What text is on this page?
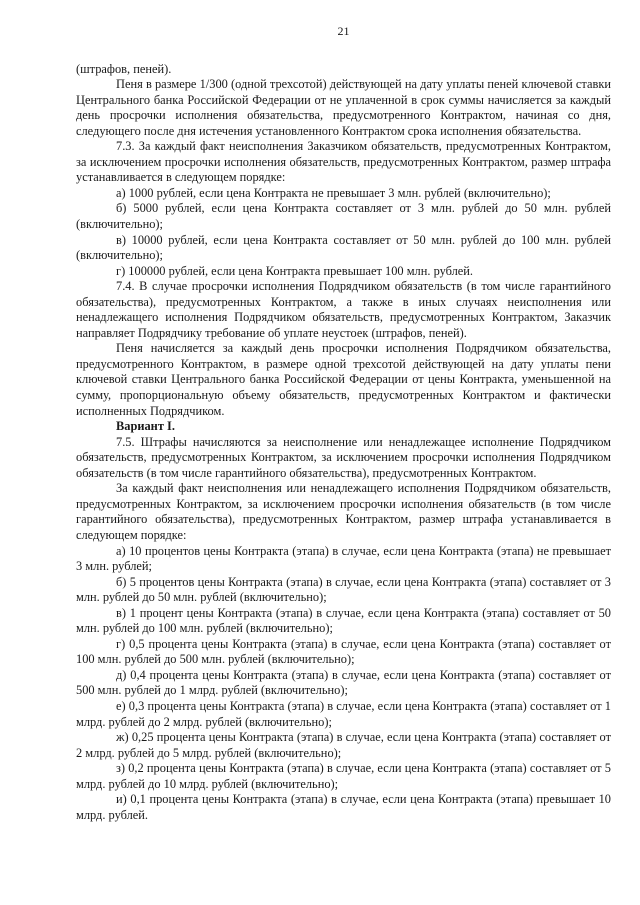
21

(штрафов, пеней).

Пеня в размере 1/300 (одной трехсотой) действующей на дату уплаты пеней ключевой ставки Центрального банка Российской Федерации от не уплаченной в срок суммы начисляется за каждый день просрочки исполнения обязательства, предусмотренного Контрактом, начиная со дня, следующего после дня истечения установленного Контрактом срока исполнения обязательства.

7.3. За каждый факт неисполнения Заказчиком обязательств, предусмотренных Контрактом, за исключением просрочки исполнения обязательств, предусмотренных Контрактом, размер штрафа устанавливается в следующем порядке:

а) 1000 рублей, если цена Контракта не превышает 3 млн. рублей (включительно);

б) 5000 рублей, если цена Контракта составляет от 3 млн. рублей до 50 млн. рублей (включительно);

в) 10000 рублей, если цена Контракта составляет от 50 млн. рублей до 100 млн. рублей (включительно);

г) 100000 рублей, если цена Контракта превышает 100 млн. рублей.

7.4. В случае просрочки исполнения Подрядчиком обязательств (в том числе гарантийного обязательства), предусмотренных Контрактом, а также в иных случаях неисполнения или ненадлежащего исполнения Подрядчиком обязательств, предусмотренных Контрактом, Заказчик направляет Подрядчику требование об уплате неустоек (штрафов, пеней).

Пеня начисляется за каждый день просрочки исполнения Подрядчиком обязательства, предусмотренного Контрактом, в размере одной трехсотой действующей на дату уплаты пени ключевой ставки Центрального банка Российской Федерации от цены Контракта, уменьшенной на сумму, пропорциональную объему обязательств, предусмотренных Контрактом и фактически исполненных Подрядчиком.

Вариант I.

7.5. Штрафы начисляются за неисполнение или ненадлежащее исполнение Подрядчиком обязательств, предусмотренных Контрактом, за исключением просрочки исполнения Подрядчиком обязательств (в том числе гарантийного обязательства), предусмотренных Контрактом.

За каждый факт неисполнения или ненадлежащего исполнения Подрядчиком обязательств, предусмотренных Контрактом, за исключением просрочки исполнения обязательств (в том числе гарантийного обязательства), предусмотренных Контрактом, размер штрафа устанавливается в следующем порядке:

а) 10 процентов цены Контракта (этапа) в случае, если цена Контракта (этапа) не превышает 3 млн. рублей;

б) 5 процентов цены Контракта (этапа) в случае, если цена Контракта (этапа) составляет от 3 млн. рублей до 50 млн. рублей (включительно);

в) 1 процент цены Контракта (этапа) в случае, если цена Контракта (этапа) составляет от 50 млн. рублей до 100 млн. рублей (включительно);

г) 0,5 процента цены Контракта (этапа) в случае, если цена Контракта (этапа) составляет от 100 млн. рублей до 500 млн. рублей (включительно);

д) 0,4 процента цены Контракта (этапа) в случае, если цена Контракта (этапа) составляет от 500 млн. рублей до 1 млрд. рублей (включительно);

е) 0,3 процента цены Контракта (этапа) в случае, если цена Контракта (этапа) составляет от 1 млрд. рублей до 2 млрд. рублей (включительно);

ж) 0,25 процента цены Контракта (этапа) в случае, если цена Контракта (этапа) составляет от 2 млрд. рублей до 5 млрд. рублей (включительно);

з) 0,2 процента цены Контракта (этапа) в случае, если цена Контракта (этапа) составляет от 5 млрд. рублей до 10 млрд. рублей (включительно);

и) 0,1 процента цены Контракта (этапа) в случае, если цена Контракта (этапа) превышает 10 млрд. рублей.
